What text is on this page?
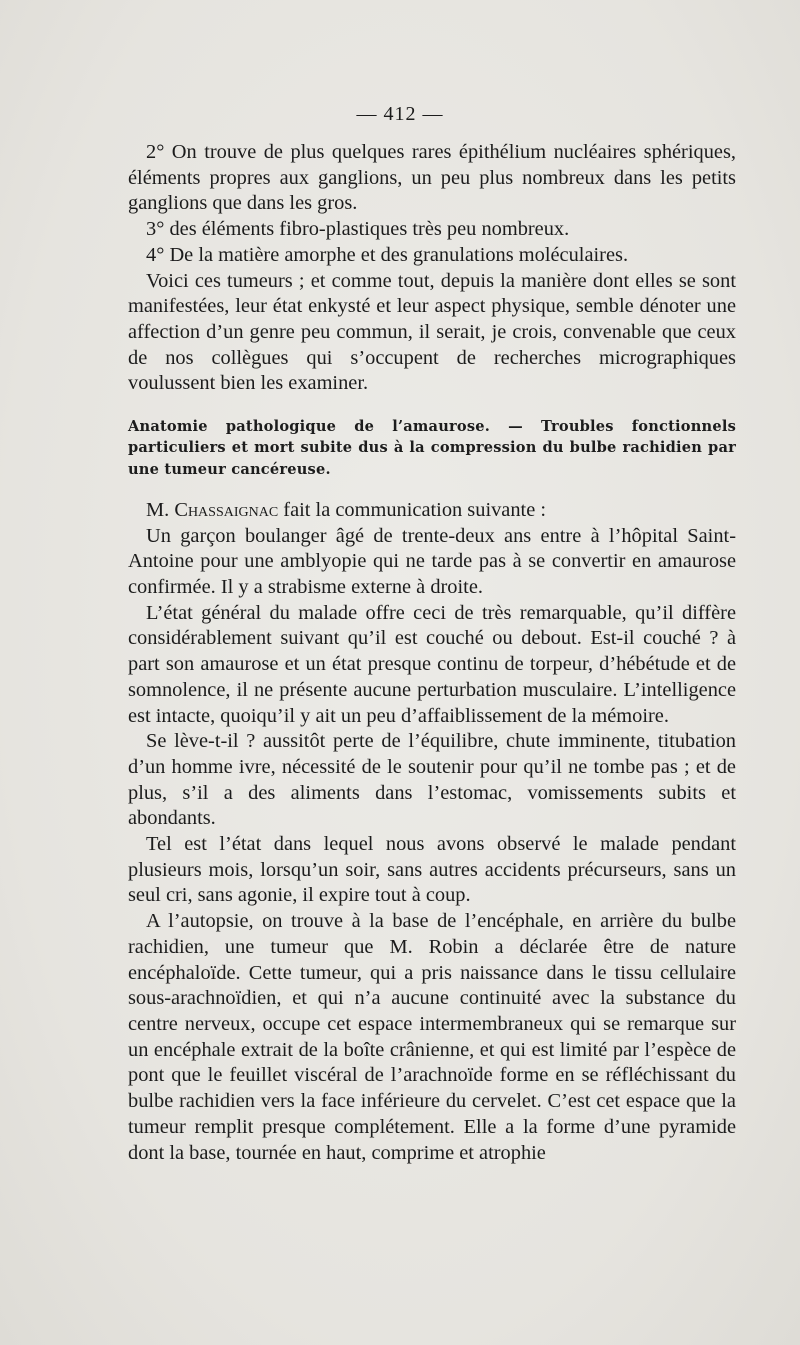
— 412 —

2° On trouve de plus quelques rares épithélium nucléaires sphériques, éléments propres aux ganglions, un peu plus nombreux dans les petits ganglions que dans les gros.

3° des éléments fibro-plastiques très peu nombreux.

4° De la matière amorphe et des granulations moléculaires.

Voici ces tumeurs ; et comme tout, depuis la manière dont elles se sont manifestées, leur état enkysté et leur aspect physique, semble dénoter une affection d’un genre peu commun, il serait, je crois, convenable que ceux de nos collègues qui s’occupent de recherches micrographiques voulussent bien les examiner.

Anatomie pathologique de l’amaurose. — Troubles fonctionnels particuliers et mort subite dus à la compression du bulbe rachidien par une tumeur cancéreuse.

M. Chassaignac fait la communication suivante :

Un garçon boulanger âgé de trente-deux ans entre à l’hôpital Saint-Antoine pour une amblyopie qui ne tarde pas à se convertir en amaurose confirmée. Il y a strabisme externe à droite.

L’état général du malade offre ceci de très remarquable, qu’il diffère considérablement suivant qu’il est couché ou debout. Est-il couché ? à part son amaurose et un état presque continu de torpeur, d’hébétude et de somnolence, il ne présente aucune perturbation musculaire. L’intelligence est intacte, quoiqu’il y ait un peu d’affaiblissement de la mémoire.

Se lève-t-il ? aussitôt perte de l’équilibre, chute imminente, titubation d’un homme ivre, nécessité de le soutenir pour qu’il ne tombe pas ; et de plus, s’il a des aliments dans l’estomac, vomissements subits et abondants.

Tel est l’état dans lequel nous avons observé le malade pendant plusieurs mois, lorsqu’un soir, sans autres accidents précurseurs, sans un seul cri, sans agonie, il expire tout à coup.

A l’autopsie, on trouve à la base de l’encéphale, en arrière du bulbe rachidien, une tumeur que M. Robin a déclarée être de nature encéphaloïde. Cette tumeur, qui a pris naissance dans le tissu cellulaire sous-arachnoïdien, et qui n’a aucune continuité avec la substance du centre nerveux, occupe cet espace intermembraneux qui se remarque sur un encéphale extrait de la boîte crânienne, et qui est limité par l’espèce de pont que le feuillet viscéral de l’arachnoïde forme en se réfléchissant du bulbe rachidien vers la face inférieure du cervelet. C’est cet espace que la tumeur remplit presque complétement. Elle a la forme d’une pyramide dont la base, tournée en haut, comprime et atrophie
